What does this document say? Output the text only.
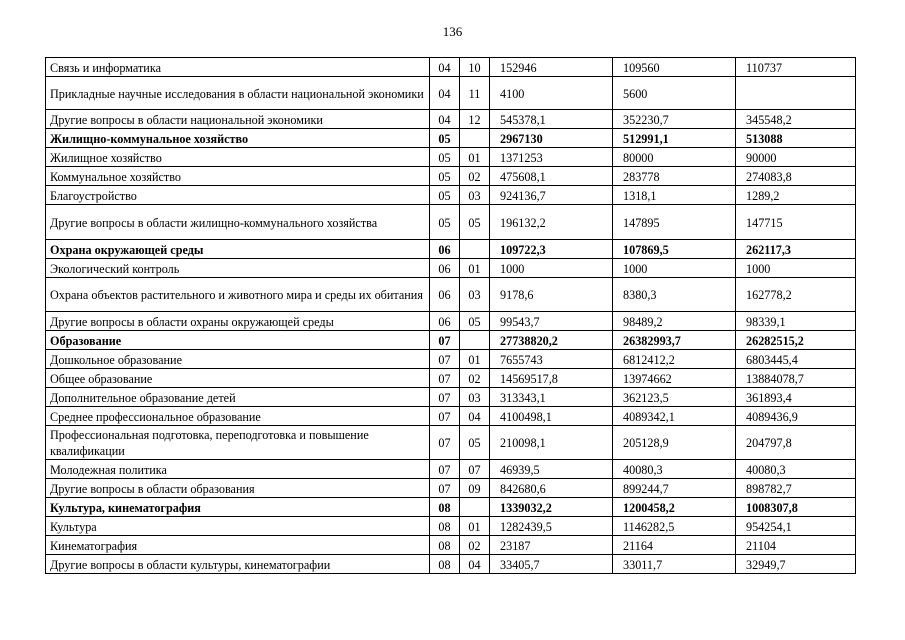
136
Связь и информатика	04	10	152946	109560	110737
Прикладные научные исследования в области национальной экономики	04	11	4100	5600	
Другие вопросы в области национальной экономики	04	12	545378,1	352230,7	345548,2
Жилищно-коммунальное хозяйство	05		2967130	512991,1	513088
Жилищное хозяйство	05	01	1371253	80000	90000
Коммунальное хозяйство	05	02	475608,1	283778	274083,8
Благоустройство	05	03	924136,7	1318,1	1289,2
Другие вопросы в области жилищно-коммунального хозяйства	05	05	196132,2	147895	147715
Охрана окружающей среды	06		109722,3	107869,5	262117,3
Экологический контроль	06	01	1000	1000	1000
Охрана объектов растительного и животного мира и среды их обитания	06	03	9178,6	8380,3	162778,2
Другие вопросы в области охраны окружающей среды	06	05	99543,7	98489,2	98339,1
Образование	07		27738820,2	26382993,7	26282515,2
Дошкольное образование	07	01	7655743	6812412,2	6803445,4
Общее образование	07	02	14569517,8	13974662	13884078,7
Дополнительное образование детей	07	03	313343,1	362123,5	361893,4
Среднее профессиональное образование	07	04	4100498,1	4089342,1	4089436,9
Профессиональная подготовка, переподготовка и повышение квалификации	07	05	210098,1	205128,9	204797,8
Молодежная политика	07	07	46939,5	40080,3	40080,3
Другие вопросы в области образования	07	09	842680,6	899244,7	898782,7
Культура, кинематография	08		1339032,2	1200458,2	1008307,8
Культура	08	01	1282439,5	1146282,5	954254,1
Кинематография	08	02	23187	21164	21104
Другие вопросы в области культуры, кинематографии	08	04	33405,7	33011,7	32949,7
